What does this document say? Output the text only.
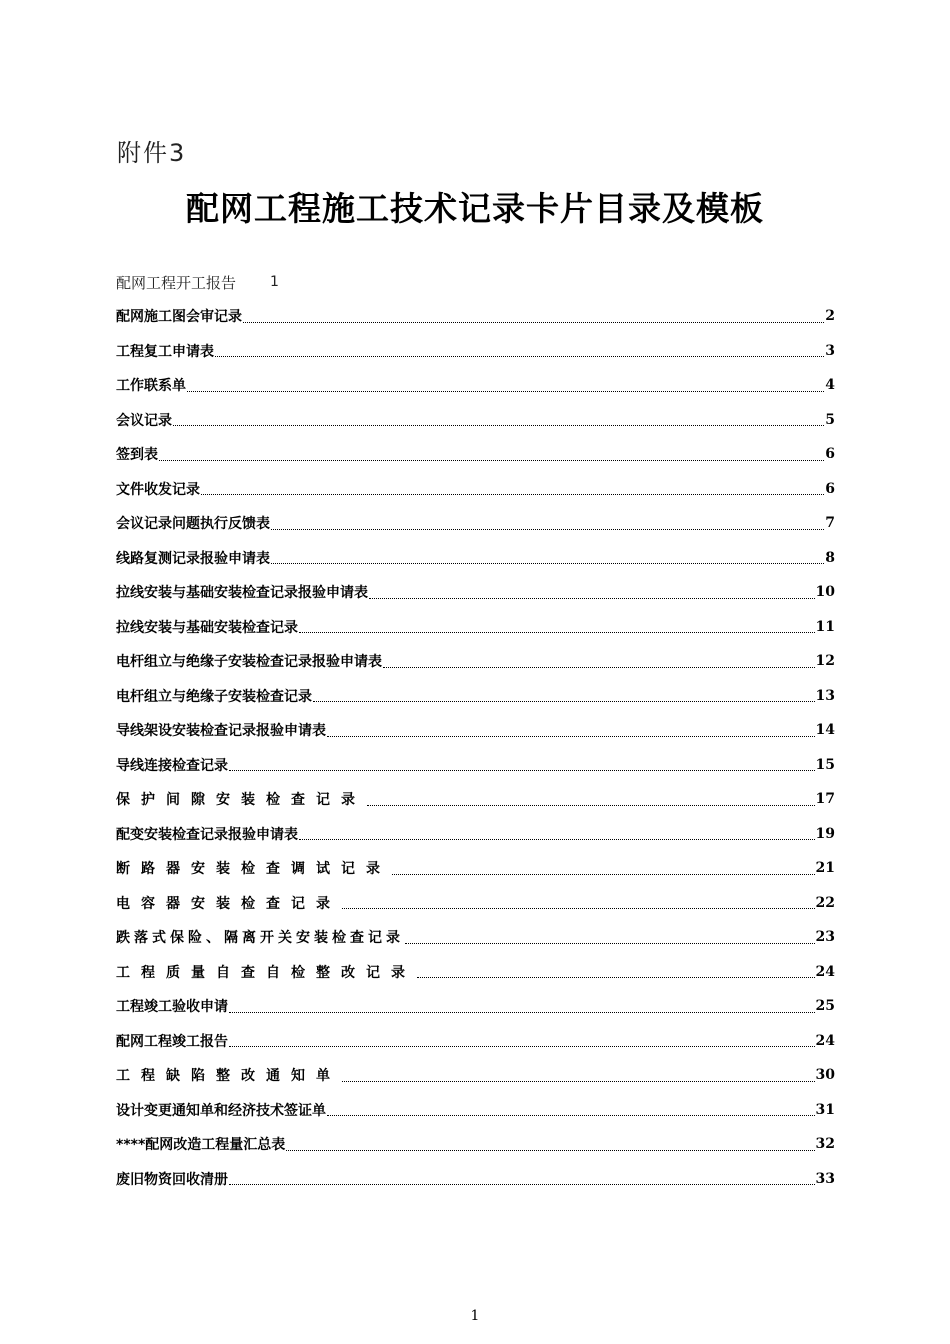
附件3
配网工程施工技术记录卡片目录及模板
配网工程开工报告 1
配网施工图会审记录	2
工程复工申请表	3
工作联系单	4
会议记录	5
签到表	6
文件收发记录	6
会议记录问题执行反馈表	7
线路复测记录报验申请表	8
拉线安装与基础安装检查记录报验申请表	10
拉线安装与基础安装检查记录	11
电杆组立与绝缘子安装检查记录报验申请表	12
电杆组立与绝缘子安装检查记录	13
导线架设安装检查记录报验申请表	14
导线连接检查记录	15
保护间隙安装检查记录	17
配变安装检查记录报验申请表	19
断路器安装检查调试记录	21
电容器安装检查记录	22
跌落式保险、隔离开关安装检查记录	23
工程质量自查自检整改记录	24
工程竣工验收申请	25
配网工程竣工报告	24
工程缺陷整改通知单	30
设计变更通知单和经济技术签证单	31
****配网改造工程量汇总表	32
废旧物资回收清册	33
1
